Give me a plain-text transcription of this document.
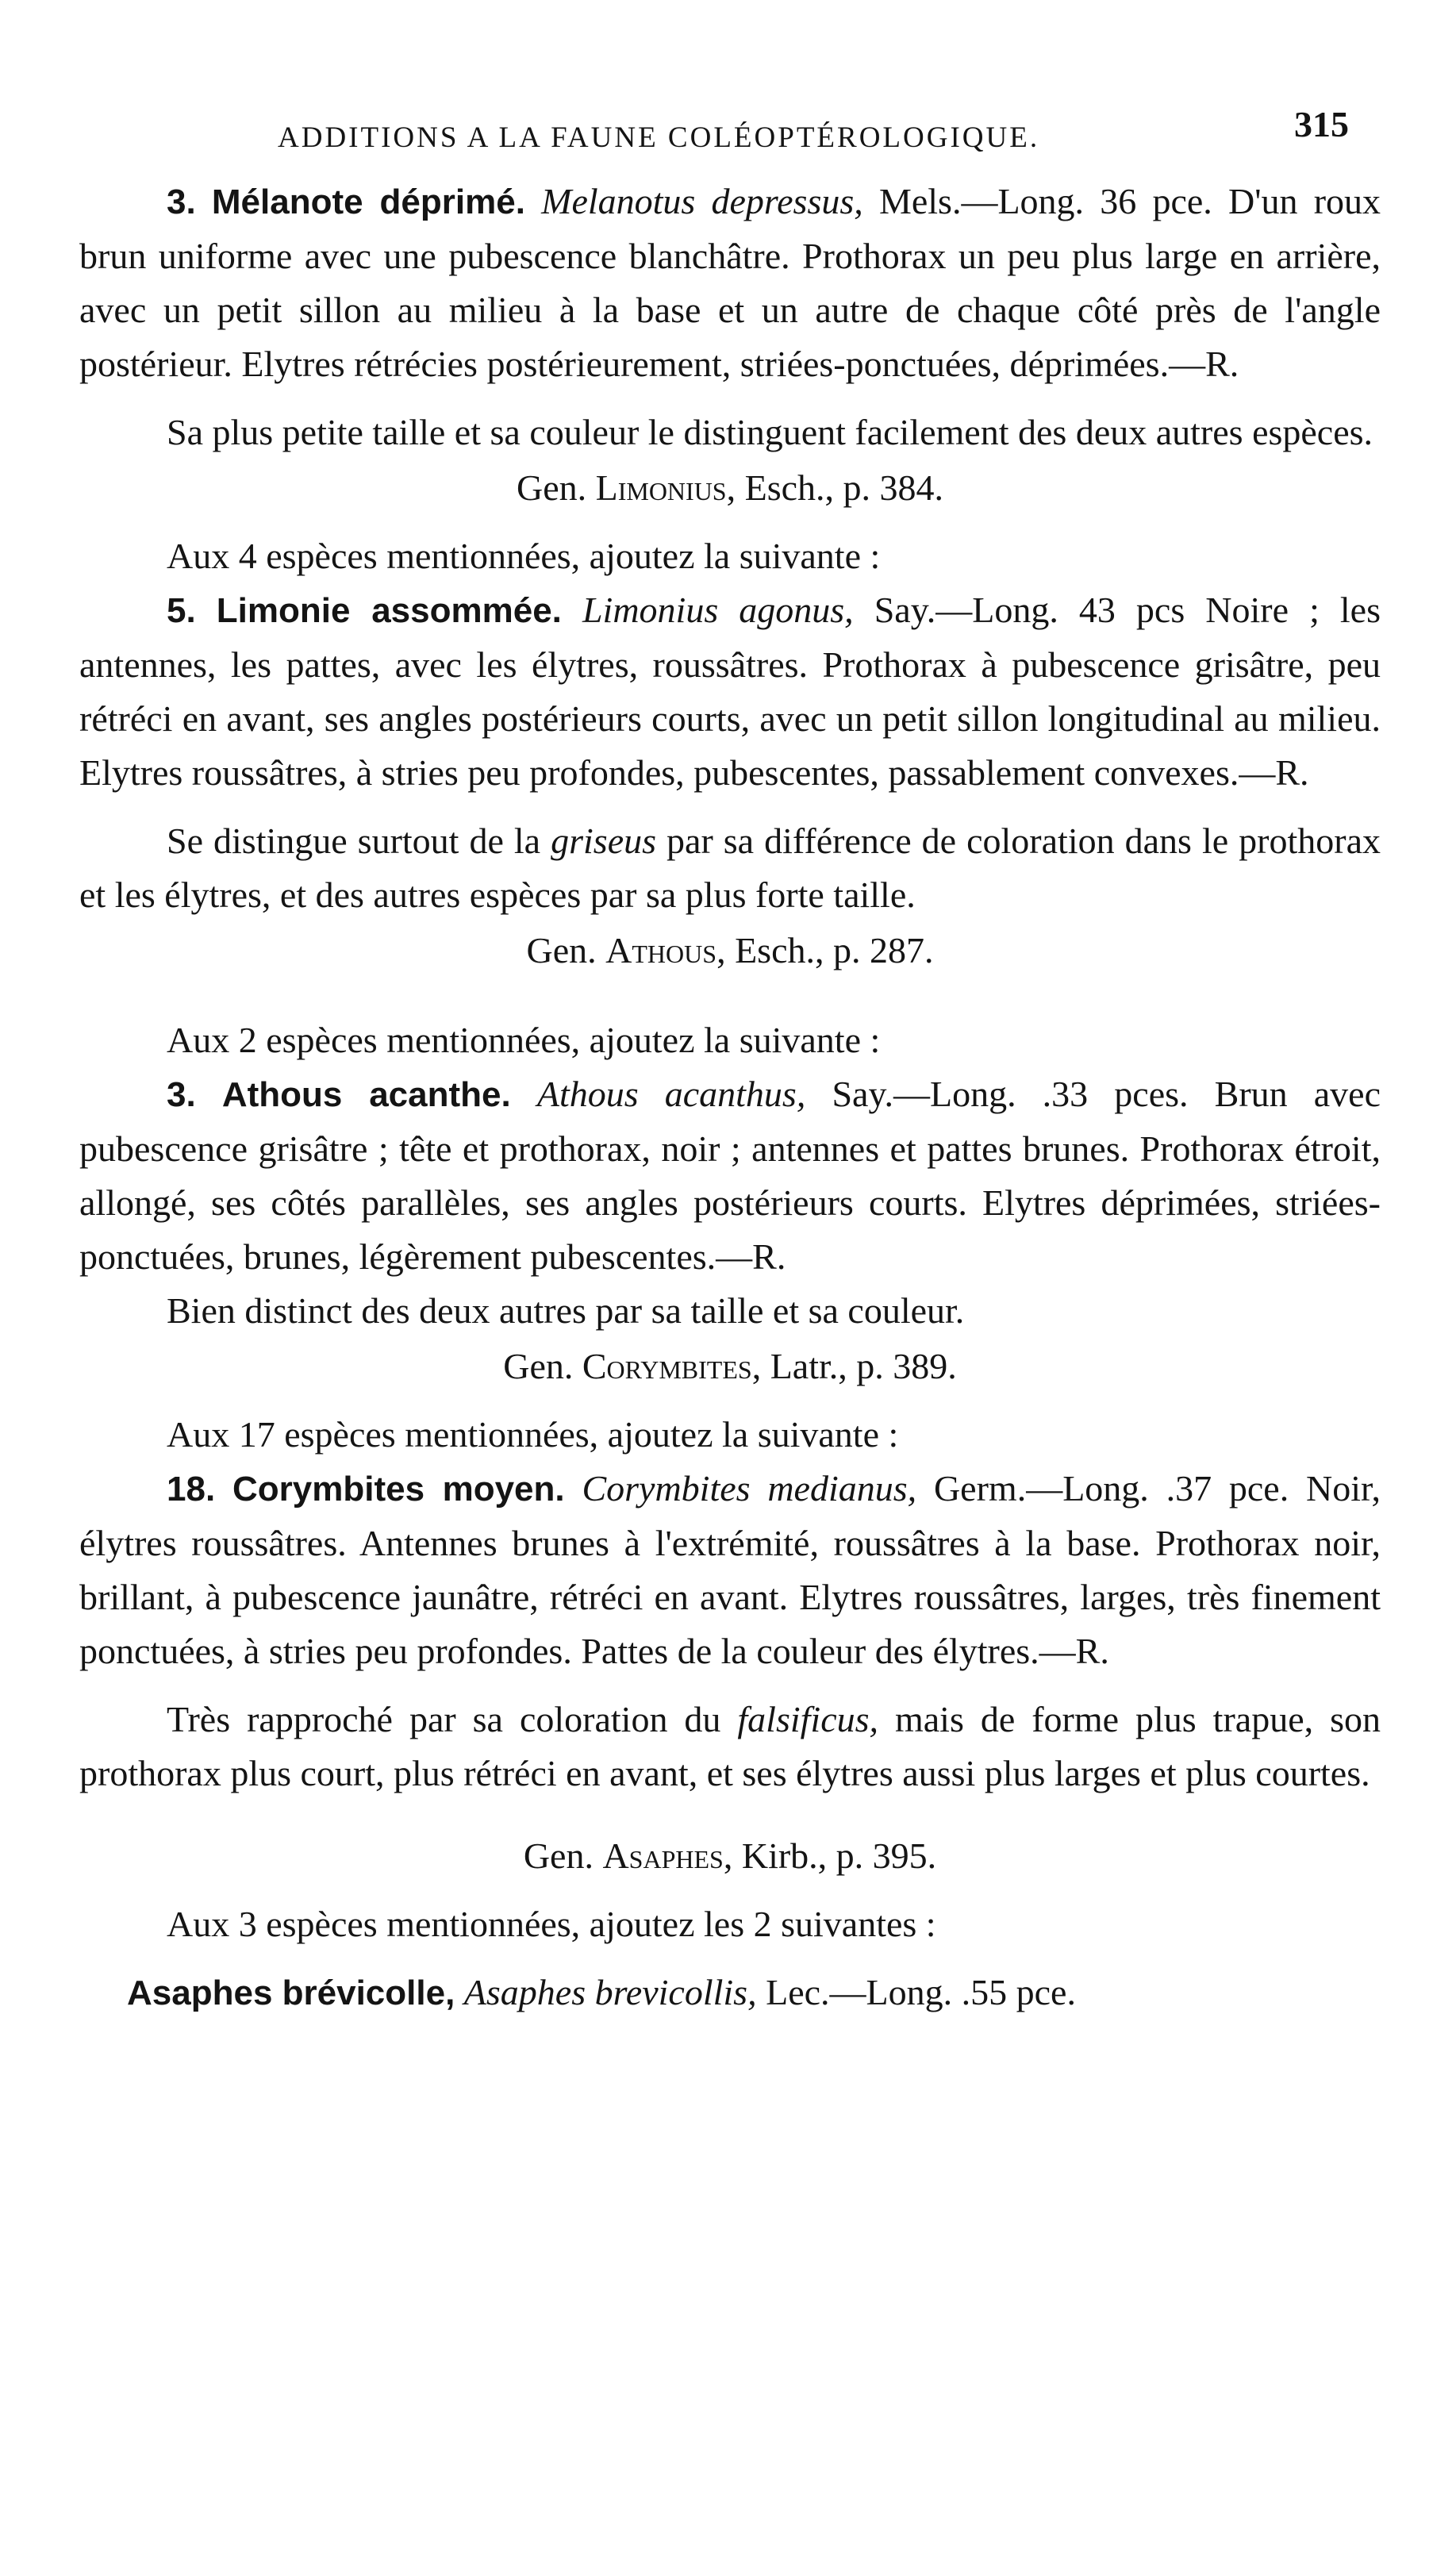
ADDITIONS A LA FAUNE COLÉOPTÉROLOGIQUE.	315

3. Mélanote déprimé. Melanotus depressus, Mels.—Long. 36 pce. D'un roux brun uniforme avec une pubescence blanchâtre. Prothorax un peu plus large en arrière, avec un petit sillon au milieu à la base et un autre de chaque côté près de l'angle postérieur. Elytres rétrécies postérieurement, striées-ponctuées, déprimées.—R.

Sa plus petite taille et sa couleur le distinguent facilement des deux autres espèces.

Gen. Limonius, Esch., p. 384.

Aux 4 espèces mentionnées, ajoutez la suivante :

5. Limonie assommée. Limonius agonus, Say.—Long. 43 pcs Noire ; les antennes, les pattes, avec les élytres, roussâtres. Prothorax à pubescence grisâtre, peu rétréci en avant, ses angles postérieurs courts, avec un petit sillon longitudinal au milieu. Elytres roussâtres, à stries peu profondes, pubescentes, passablement convexes.—R.

Se distingue surtout de la griseus par sa différence de coloration dans le prothorax et les élytres, et des autres espèces par sa plus forte taille.

Gen. Athous, Esch., p. 287.

Aux 2 espèces mentionnées, ajoutez la suivante :

3. Athous acanthe. Athous acanthus, Say.—Long. .33 pces. Brun avec pubescence grisâtre ; tête et prothorax, noir ; antennes et pattes brunes. Prothorax étroit, allongé, ses côtés parallèles, ses angles postérieurs courts. Elytres déprimées, striées-ponctuées, brunes, légèrement pubescentes.—R.

Bien distinct des deux autres par sa taille et sa couleur.

Gen. Corymbites, Latr., p. 389.

Aux 17 espèces mentionnées, ajoutez la suivante :

18. Corymbites moyen. Corymbites medianus, Germ.—Long. .37 pce. Noir, élytres roussâtres. Antennes brunes à l'extrémité, roussâtres à la base. Prothorax noir, brillant, à pubescence jaunâtre, rétréci en avant. Elytres roussâtres, larges, très finement ponctuées, à stries peu profondes. Pattes de la couleur des élytres.—R.

Très rapproché par sa coloration du falsificus, mais de forme plus trapue, son prothorax plus court, plus rétréci en avant, et ses élytres aussi plus larges et plus courtes.

Gen. Asaphes, Kirb., p. 395.

Aux 3 espèces mentionnées, ajoutez les 2 suivantes :

Asaphes brévicolle, Asaphes brevicollis, Lec.—Long. .55 pce.
